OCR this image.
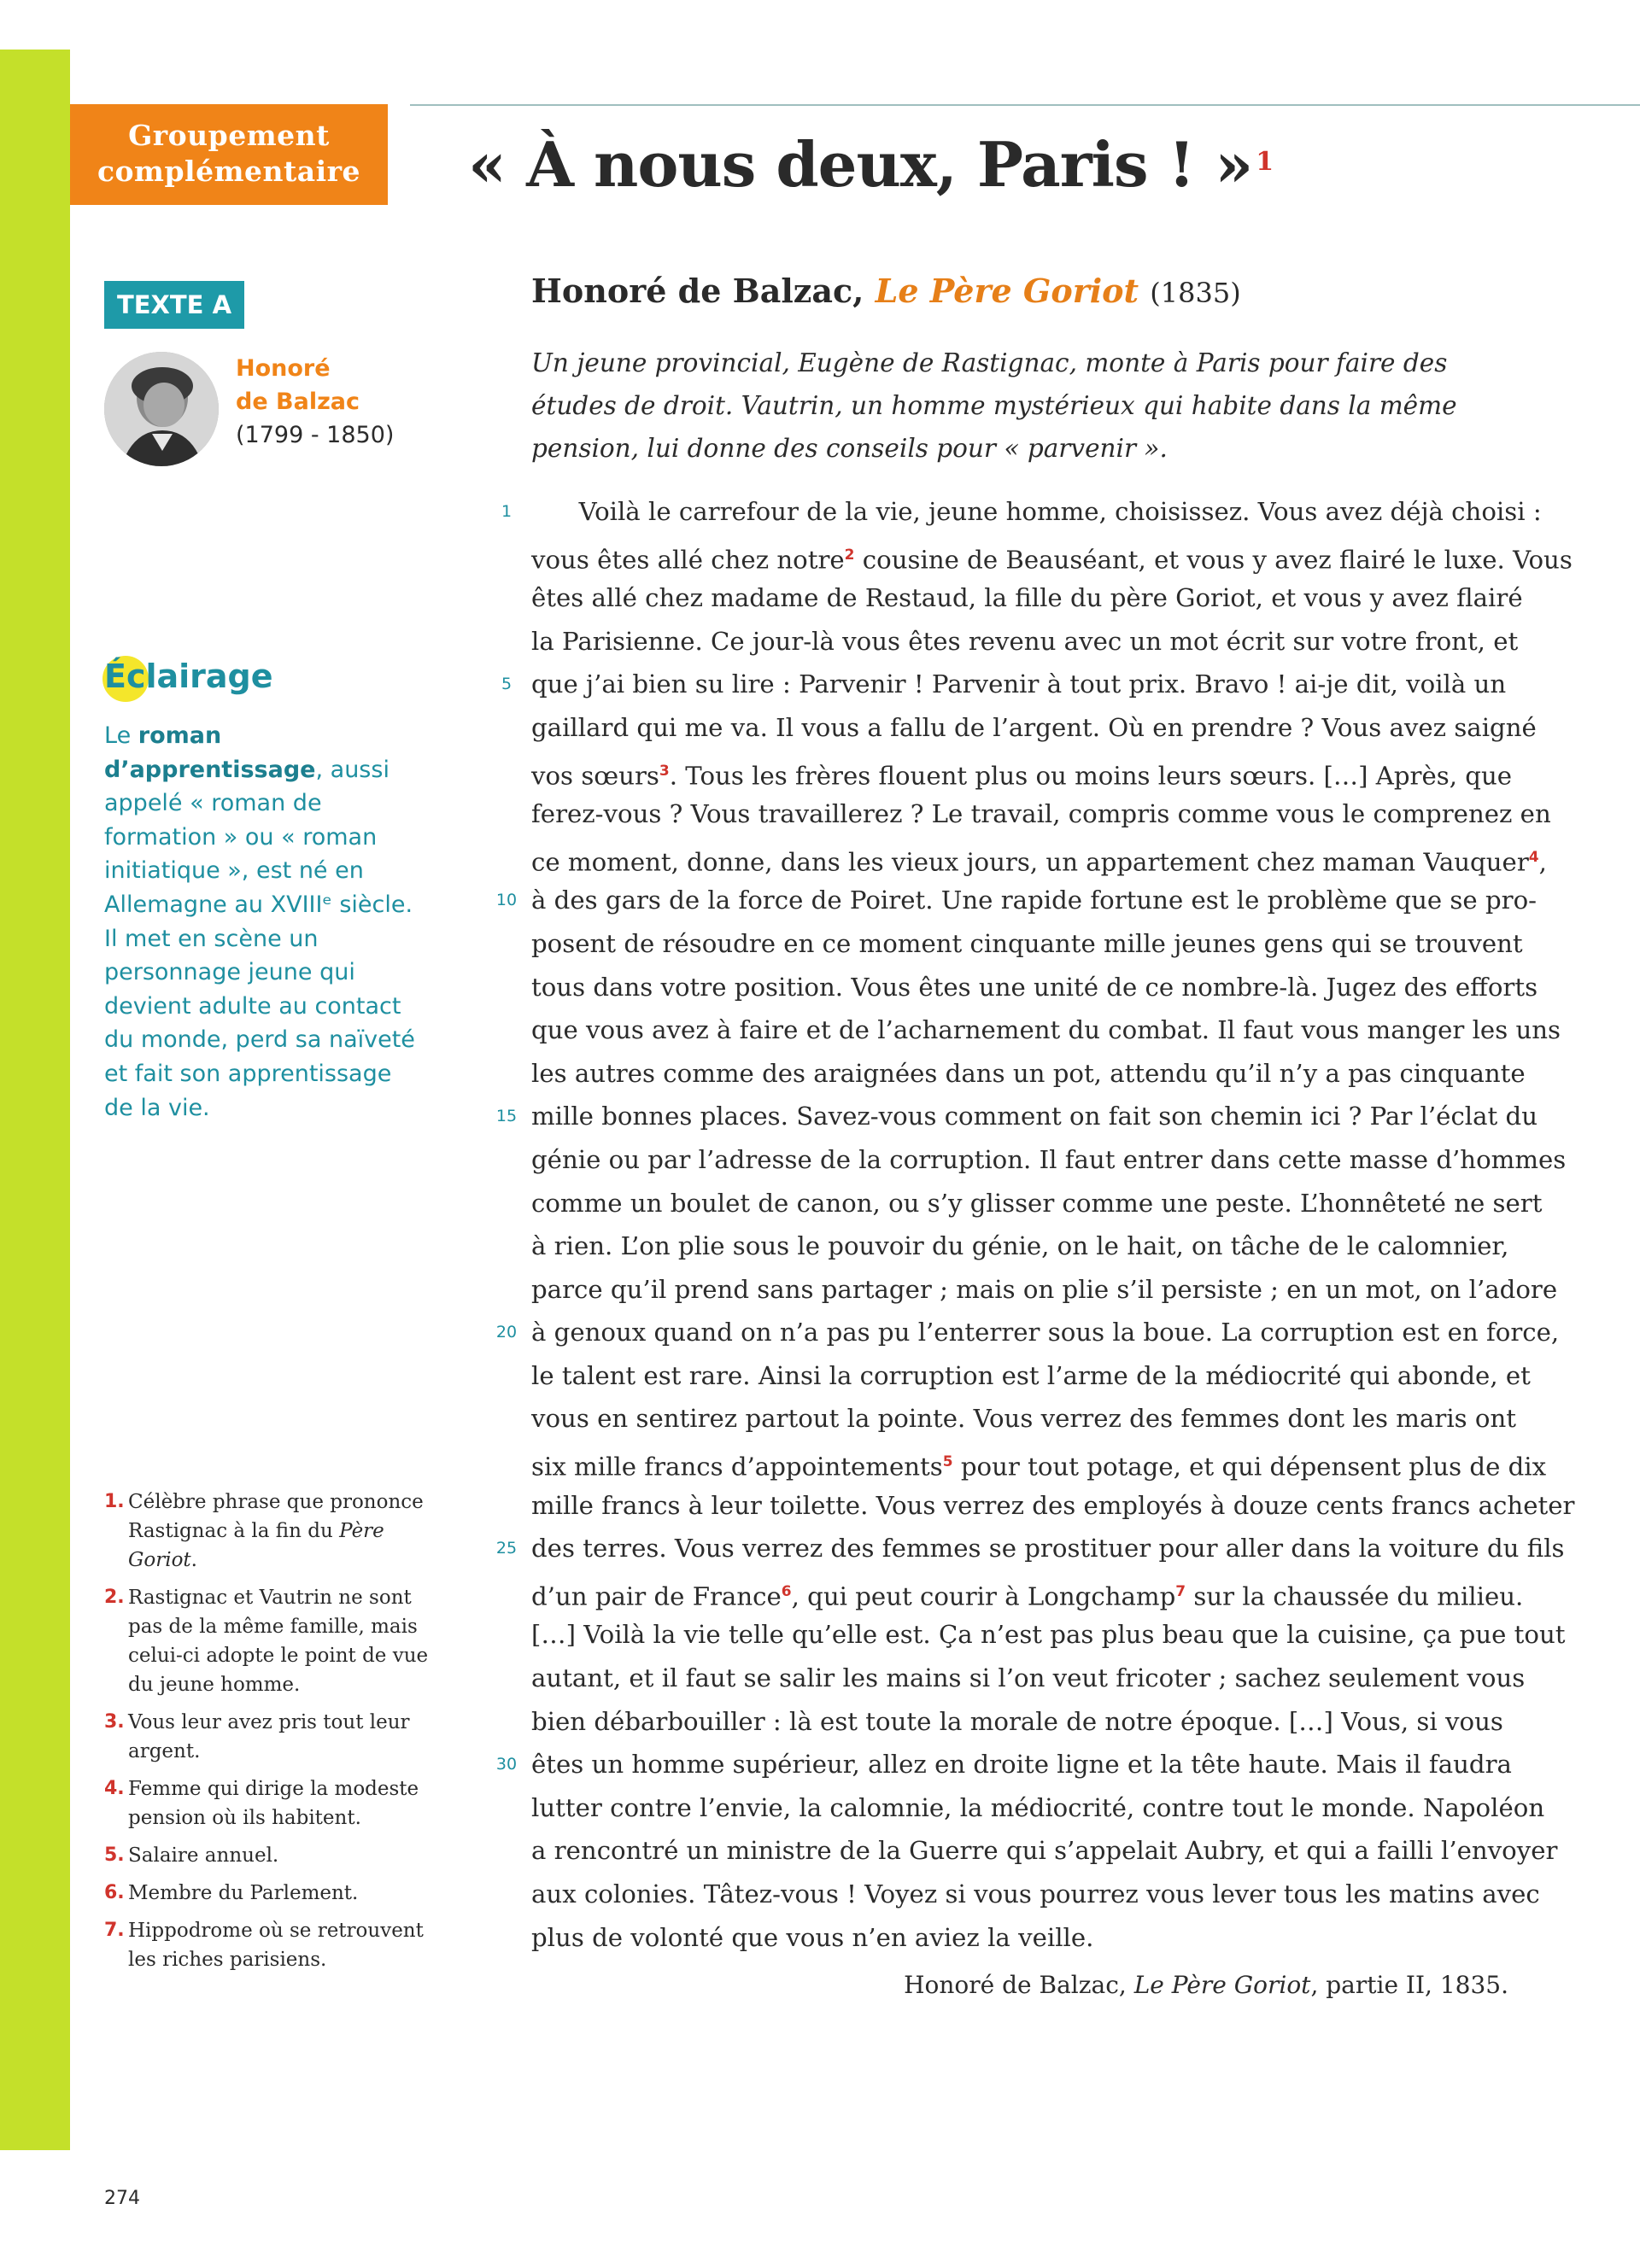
Groupement
complémentaire	« À nous deux, Paris ! » $^1$
TEXTE A
Honoré
de Balzac
(1799 - 1850)
Éclairage
Le roman d’apprentissage, aussi appelé « roman de formation » ou « roman initiatique », est né en Allemagne au XVIIIᵉ siècle. Il met en scène un personnage jeune qui devient adulte au contact du monde, perd sa naïveté et fait son apprentissage de la vie.
1. Célèbre phrase que prononce Rastignac à la fin du Père Goriot.
2. Rastignac et Vautrin ne sont pas de la même famille, mais celui-ci adopte le point de vue du jeune homme.
3. Vous leur avez pris tout leur argent.
4. Femme qui dirige la modeste pension où ils habitent.
5. Salaire annuel.
6. Membre du Parlement.
7. Hippodrome où se retrouvent les riches parisiens.
Honoré de Balzac, Le Père Goriot (1835)
Un jeune provincial, Eugène de Rastignac, monte à Paris pour faire des études de droit. Vautrin, un homme mystérieux qui habite dans la même pension, lui donne des conseils pour « parvenir ».
1 Voilà le carrefour de la vie, jeune homme, choisissez. Vous avez déjà choisi :
vous êtes allé chez notre$^2$ cousine de Beauséant, et vous y avez flairé le luxe. Vous
êtes allé chez madame de Restaud, la fille du père Goriot, et vous y avez flairé
la Parisienne. Ce jour-là vous êtes revenu avec un mot écrit sur votre front, et
5 que j’ai bien su lire : Parvenir ! Parvenir à tout prix. Bravo ! ai-je dit, voilà un
gaillard qui me va. Il vous a fallu de l’argent. Où en prendre ? Vous avez saigné
vos sœurs$^3$. Tous les frères flouent plus ou moins leurs sœurs. […] Après, que
ferez-vous ? Vous travaillerez ? Le travail, compris comme vous le comprenez en
ce moment, donne, dans les vieux jours, un appartement chez maman Vauquer$^4$,
10 à des gars de la force de Poiret. Une rapide fortune est le problème que se pro-
posent de résoudre en ce moment cinquante mille jeunes gens qui se trouvent
tous dans votre position. Vous êtes une unité de ce nombre-là. Jugez des efforts
que vous avez à faire et de l’acharnement du combat. Il faut vous manger les uns
les autres comme des araignées dans un pot, attendu qu’il n’y a pas cinquante
15 mille bonnes places. Savez-vous comment on fait son chemin ici ? Par l’éclat du
génie ou par l’adresse de la corruption. Il faut entrer dans cette masse d’hommes
comme un boulet de canon, ou s’y glisser comme une peste. L’honnêteté ne sert
à rien. L’on plie sous le pouvoir du génie, on le hait, on tâche de le calomnier,
parce qu’il prend sans partager ; mais on plie s’il persiste ; en un mot, on l’adore
20 à genoux quand on n’a pas pu l’enterrer sous la boue. La corruption est en force,
le talent est rare. Ainsi la corruption est l’arme de la médiocrité qui abonde, et
vous en sentirez partout la pointe. Vous verrez des femmes dont les maris ont
six mille francs d’appointements$^5$ pour tout potage, et qui dépensent plus de dix
mille francs à leur toilette. Vous verrez des employés à douze cents francs acheter
25 des terres. Vous verrez des femmes se prostituer pour aller dans la voiture du fils
d’un pair de France$^6$, qui peut courir à Longchamp$^7$ sur la chaussée du milieu.
[…] Voilà la vie telle qu’elle est. Ça n’est pas plus beau que la cuisine, ça pue tout
autant, et il faut se salir les mains si l’on veut fricoter ; sachez seulement vous
bien débarbouiller : là est toute la morale de notre époque. […] Vous, si vous
30 êtes un homme supérieur, allez en droite ligne et la tête haute. Mais il faudra
lutter contre l’envie, la calomnie, la médiocrité, contre tout le monde. Napoléon
a rencontré un ministre de la Guerre qui s’appelait Aubry, et qui a failli l’envoyer
aux colonies. Tâtez-vous ! Voyez si vous pourrez vous lever tous les matins avec
plus de volonté que vous n’en aviez la veille.
Honoré de Balzac, Le Père Goriot, partie II, 1835.
274
